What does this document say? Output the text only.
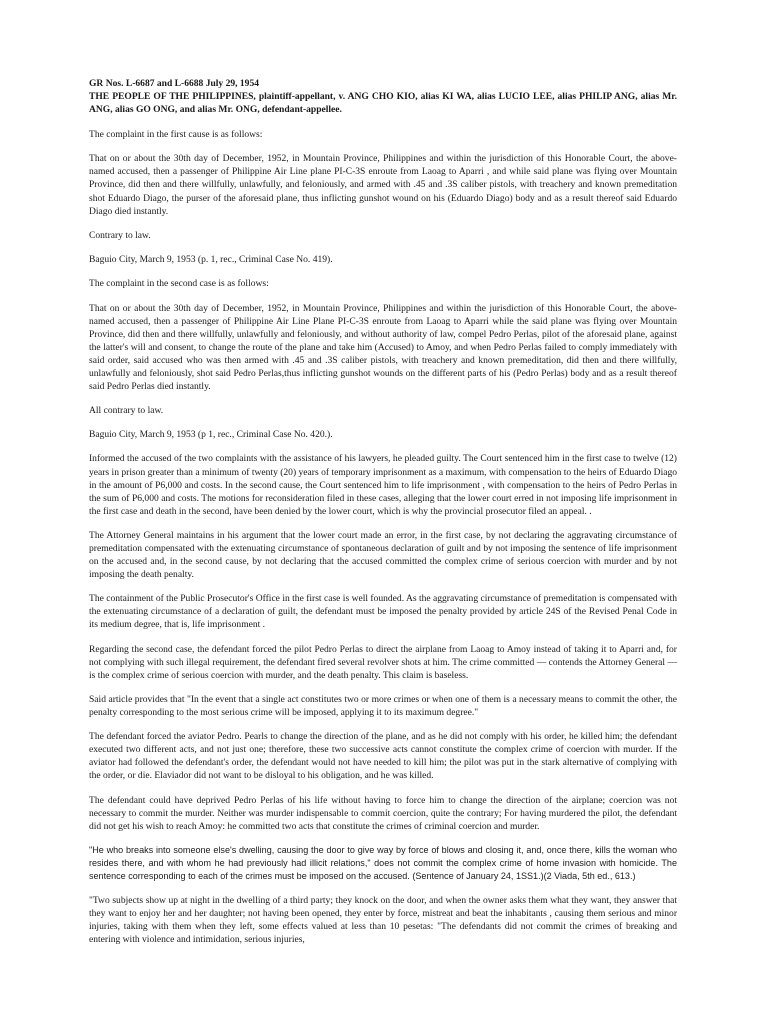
GR Nos. L-6687 and L-6688 July 29, 1954
THE PEOPLE OF THE PHILIPPINES, plaintiff-appellant, v. ANG CHO KIO, alias KI WA, alias LUCIO LEE, alias PHILIP ANG, alias Mr. ANG, alias GO ONG, and alias Mr. ONG, defendant-appellee.

The complaint in the first cause is as follows:

That on or about the 30th day of December, 1952, in Mountain Province, Philippines and within the jurisdiction of this Honorable Court, the above-named accused, then a passenger of Philippine Air Line plane PI-C-3S enroute from Laoag to Aparri , and while said plane was flying over Mountain Province, did then and there willfully, unlawfully, and feloniously, and armed with .45 and .3S caliber pistols, with treachery and known premeditation shot Eduardo Diago, the purser of the aforesaid plane, thus inflicting gunshot wound on his (Eduardo Diago) body and as a result thereof said Eduardo Diago died instantly.

Contrary to law.

Baguio City, March 9, 1953 (p. 1, rec., Criminal Case No. 419).

The complaint in the second case is as follows:

That on or about the 30th day of December, 1952, in Mountain Province, Philippines and within the jurisdiction of this Honorable Court, the above-named accused, then a passenger of Philippine Air Line Plane PI-C-3S enroute from Laoag to Aparri while the said plane was flying over Mountain Province, did then and there willfully, unlawfully and feloniously, and without authority of law, compel Pedro Perlas, pilot of the aforesaid plane, against the latter's will and consent, to change the route of the plane and take him (Accused) to Amoy, and when Pedro Perlas failed to comply immediately with said order, said accused who was then armed with .45 and .3S caliber pistols, with treachery and known premeditation, did then and there willfully, unlawfully and feloniously, shot said Pedro Perlas,thus inflicting gunshot wounds on the different parts of his (Pedro Perlas) body and as a result thereof said Pedro Perlas died instantly.

All contrary to law.

Baguio City, March 9, 1953 (p 1, rec., Criminal Case No. 420.).

Informed the accused of the two complaints with the assistance of his lawyers, he pleaded guilty. The Court sentenced him in the first case to twelve (12) years in prison greater than a minimum of twenty (20) years of temporary imprisonment as a maximum, with compensation to the heirs of Eduardo Diago in the amount of P6,000 and costs. In the second cause, the Court sentenced him to life imprisonment , with compensation to the heirs of Pedro Perlas in the sum of P6,000 and costs. The motions for reconsideration filed in these cases, alleging that the lower court erred in not imposing life imprisonment in the first case and death in the second, have been denied by the lower court, which is why the provincial prosecutor filed an appeal. .

The Attorney General maintains in his argument that the lower court made an error, in the first case, by not declaring the aggravating circumstance of premeditation compensated with the extenuating circumstance of spontaneous declaration of guilt and by not imposing the sentence of life imprisonment on the accused and, in the second cause, by not declaring that the accused committed the complex crime of serious coercion with murder and by not imposing the death penalty.

The containment of the Public Prosecutor's Office in the first case is well founded. As the aggravating circumstance of premeditation is compensated with the extenuating circumstance of a declaration of guilt, the defendant must be imposed the penalty provided by article 24S of the Revised Penal Code in its medium degree, that is, life imprisonment .

Regarding the second case, the defendant forced the pilot Pedro Perlas to direct the airplane from Laoag to Amoy instead of taking it to Aparri and, for not complying with such illegal requirement, the defendant fired several revolver shots at him. The crime committed — contends the Attorney General — is the complex crime of serious coercion with murder, and the death penalty. This claim is baseless.

Said article provides that "In the event that a single act constitutes two or more crimes or when one of them is a necessary means to commit the other, the penalty corresponding to the most serious crime will be imposed, applying it to its maximum degree."

The defendant forced the aviator Pedro. Pearls to change the direction of the plane, and as he did not comply with his order, he killed him; the defendant executed two different acts, and not just one; therefore, these two successive acts cannot constitute the complex crime of coercion with murder. If the aviator had followed the defendant's order, the defendant would not have needed to kill him; the pilot was put in the stark alternative of complying with the order, or die. Elaviador did not want to be disloyal to his obligation, and he was killed.

The defendant could have deprived Pedro Perlas of his life without having to force him to change the direction of the airplane; coercion was not necessary to commit the murder. Neither was murder indispensable to commit coercion, quite the contrary; For having murdered the pilot, the defendant did not get his wish to reach Amoy: he committed two acts that constitute the crimes of criminal coercion and murder.

"He who breaks into someone else's dwelling, causing the door to give way by force of blows and closing it, and, once there, kills the woman who resides there, and with whom he had previously had illicit relations," does not commit the complex crime of home invasion with homicide. The sentence corresponding to each of the crimes must be imposed on the accused. (Sentence of January 24, 1SS1.)(2 Viada, 5th ed., 613.)

"Two subjects show up at night in the dwelling of a third party; they knock on the door, and when the owner asks them what they want, they answer that they want to enjoy her and her daughter; not having been opened, they enter by force, mistreat and beat the inhabitants , causing them serious and minor injuries, taking with them when they left, some effects valued at less than 10 pesetas: "The defendants did not commit the crimes of breaking and entering with violence and intimidation, serious injuries,
